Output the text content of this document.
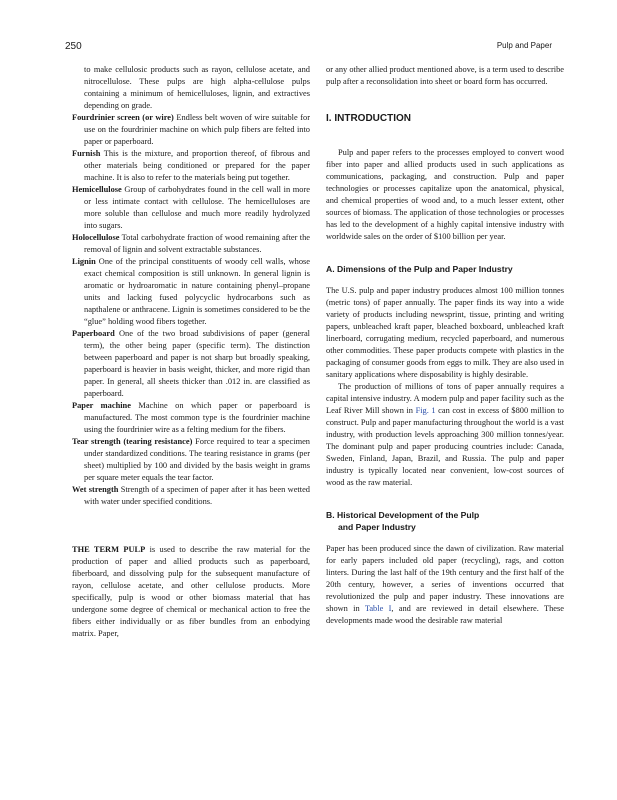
250	Pulp and Paper

to make cellulosic products such as rayon, cellulose acetate, and nitrocellulose. These pulps are high alpha-cellulose pulps containing a minimum of hemicelluloses, lignin, and extractives depending on grade.

Fourdrinier screen (or wire) Endless belt woven of wire suitable for use on the fourdrinier machine on which pulp fibers are felted into paper or paperboard.

Furnish This is the mixture, and proportion thereof, of fibrous and other materials being conditioned or prepared for the paper machine. It is also to refer to the materials being put together.

Hemicellulose Group of carbohydrates found in the cell wall in more or less intimate contact with cellulose. The hemicelluloses are more soluble than cellulose and much more readily hydrolyzed into sugars.

Holocellulose Total carbohydrate fraction of wood remaining after the removal of lignin and solvent extractable substances.

Lignin One of the principal constituents of woody cell walls, whose exact chemical composition is still unknown. In general lignin is aromatic or hydroaromatic in nature containing phenyl–propane units and lacking fused polycyclic hydrocarbons such as napthalene or anthracene. Lignin is sometimes considered to be the “glue” holding wood fibers together.

Paperboard One of the two broad subdivisions of paper (general term), the other being paper (specific term). The distinction between paperboard and paper is not sharp but broadly speaking, paperboard is heavier in basis weight, thicker, and more rigid than paper. In general, all sheets thicker than .012 in. are classified as paperboard.

Paper machine Machine on which paper or paperboard is manufactured. The most common type is the fourdrinier machine using the fourdrinier wire as a felting medium for the fibers.

Tear strength (tearing resistance) Force required to tear a specimen under standardized conditions. The tearing resistance in grams (per sheet) multiplied by 100 and divided by the basis weight in grams per square meter equals the tear factor.

Wet strength Strength of a specimen of paper after it has been wetted with water under specified conditions.

THE TERM PULP is used to describe the raw material for the production of paper and allied products such as paperboard, fiberboard, and dissolving pulp for the subsequent manufacture of rayon, cellulose acetate, and other cellulose products. More specifically, pulp is wood or other biomass material that has undergone some degree of chemical or mechanical action to free the fibers either individually or as fiber bundles from an enbodying matrix. Paper,

or any other allied product mentioned above, is a term used to describe pulp after a reconsolidation into sheet or board form has occurred.

I. INTRODUCTION

Pulp and paper refers to the processes employed to convert wood fiber into paper and allied products used in such applications as communications, packaging, and construction. Pulp and paper technologies or processes capitalize upon the anatomical, physical, and chemical properties of wood and, to a much lesser extent, other sources of biomass. The application of those technologies or processes has led to the development of a highly capital intensive industry with worldwide sales on the order of $100 billion per year.

A. Dimensions of the Pulp and Paper Industry

The U.S. pulp and paper industry produces almost 100 million tonnes (metric tons) of paper annually. The paper finds its way into a wide variety of products including newsprint, tissue, printing and writing papers, unbleached kraft paper, bleached boxboard, unbleached kraft linerboard, corrugating medium, recycled paperboard, and numerous other commodities. These paper products compete with plastics in the packaging of consumer goods from eggs to milk. They are also used in sanitary applications where disposability is highly desirable.

The production of millions of tons of paper annually requires a capital intensive industry. A modern pulp and paper facility such as the Leaf River Mill shown in Fig. 1 can cost in excess of $800 million to construct. Pulp and paper manufacturing throughout the world is a vast industry, with production levels approaching 300 million tonnes/year. The dominant pulp and paper producing countries include: Canada, Sweden, Finland, Japan, Brazil, and Russia. The pulp and paper industry is typically located near convenient, low-cost sources of wood as the raw material.

B. Historical Development of the Pulp
and Paper Industry

Paper has been produced since the dawn of civilization. Raw material for early papers included old paper (recycling), rags, and cotton linters. During the last half of the 19th century and the first half of the 20th century, however, a series of inventions occurred that revolutionized the pulp and paper industry. These innovations are shown in Table I, and are reviewed in detail elsewhere. These developments made wood the desirable raw material
